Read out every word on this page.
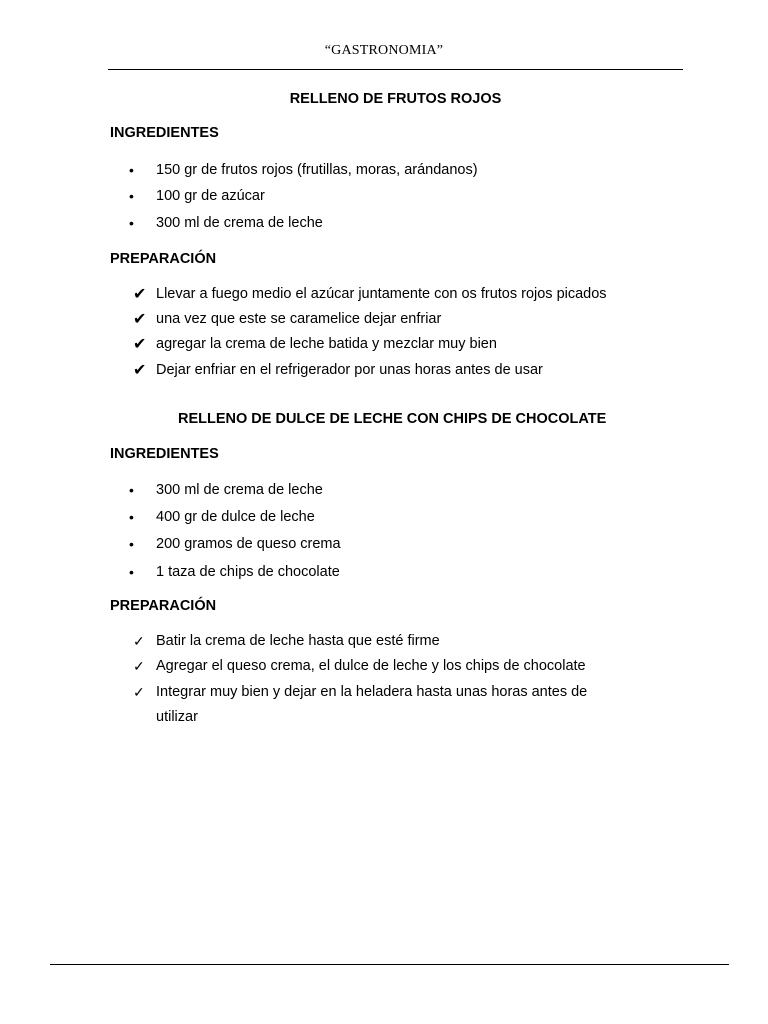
“GASTRONOMIA”
RELLENO DE FRUTOS ROJOS
INGREDIENTES
• 150 gr de frutos rojos (frutillas, moras, arándanos)
• 100 gr de azúcar
• 300 ml de crema de leche
PREPARACIÓN
✔ Llevar a fuego medio el azúcar juntamente con os frutos rojos picados
✔ una vez que este se caramelice dejar enfriar
✔ agregar la crema de leche batida y mezclar muy bien
✔ Dejar enfriar en el refrigerador por unas horas antes de usar
RELLENO DE DULCE DE LECHE CON CHIPS DE CHOCOLATE
INGREDIENTES
• 300 ml de crema de leche
• 400 gr de dulce de leche
• 200 gramos de queso crema
• 1 taza de chips de chocolate
PREPARACIÓN
✓ Batir la crema de leche hasta que esté firme
✓ Agregar el queso crema, el dulce de leche y los chips de chocolate
✓ Integrar muy bien y dejar en la heladera hasta unas horas antes de
utilizar
